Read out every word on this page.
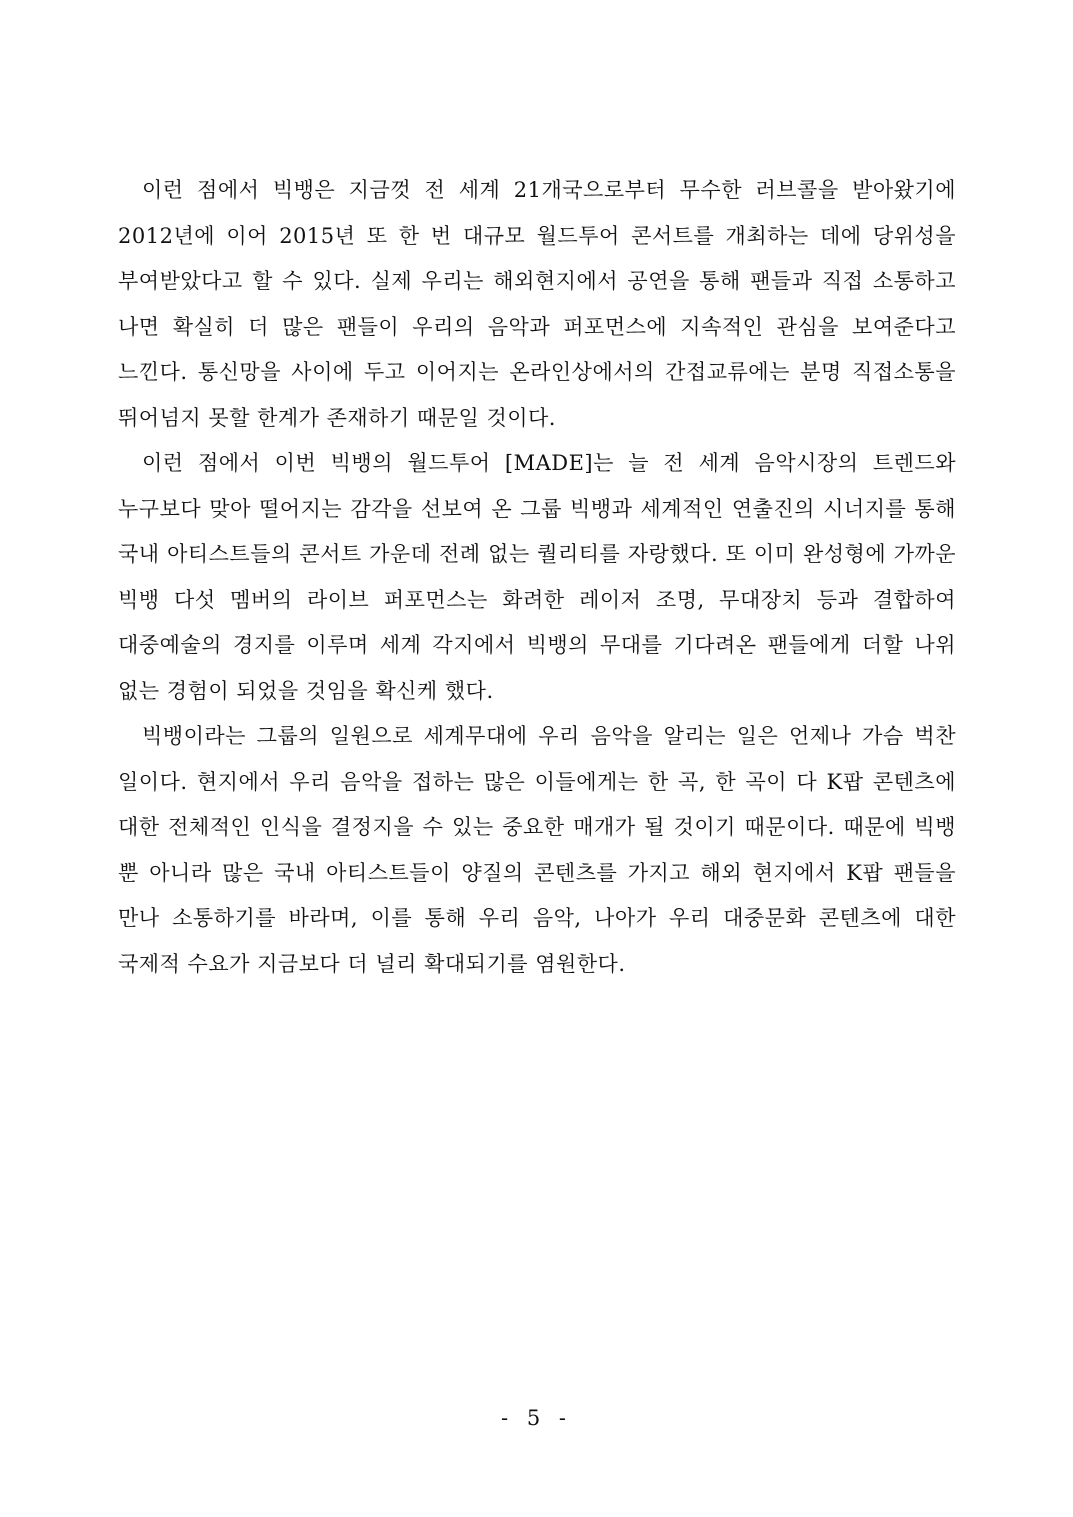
이런 점에서 빅뱅은 지금껏 전 세계 21개국으로부터 무수한 러브콜을 받아왔기에 2012년에 이어 2015년 또 한 번 대규모 월드투어 콘서트를 개최하는 데에 당위성을 부여받았다고 할 수 있다. 실제 우리는 해외현지에서 공연을 통해 팬들과 직접 소통하고 나면 확실히 더 많은 팬들이 우리의 음악과 퍼포먼스에 지속적인 관심을 보여준다고 느낀다. 통신망을 사이에 두고 이어지는 온라인상에서의 간접교류에는 분명 직접소통을 뛰어넘지 못할 한계가 존재하기 때문일 것이다.

이런 점에서 이번 빅뱅의 월드투어 [MADE]는 늘 전 세계 음악시장의 트렌드와 누구보다 맞아 떨어지는 감각을 선보여 온 그룹 빅뱅과 세계적인 연출진의 시너지를 통해 국내 아티스트들의 콘서트 가운데 전례 없는 퀄리티를 자랑했다. 또 이미 완성형에 가까운 빅뱅 다섯 멤버의 라이브 퍼포먼스는 화려한 레이저 조명, 무대장치 등과 결합하여 대중예술의 경지를 이루며 세계 각지에서 빅뱅의 무대를 기다려온 팬들에게 더할 나위 없는 경험이 되었을 것임을 확신케 했다.

빅뱅이라는 그룹의 일원으로 세계무대에 우리 음악을 알리는 일은 언제나 가슴 벅찬 일이다. 현지에서 우리 음악을 접하는 많은 이들에게는 한 곡, 한 곡이 다 K팝 콘텐츠에 대한 전체적인 인식을 결정지을 수 있는 중요한 매개가 될 것이기 때문이다. 때문에 빅뱅 뿐 아니라 많은 국내 아티스트들이 양질의 콘텐츠를 가지고 해외 현지에서 K팝 팬들을 만나 소통하기를 바라며, 이를 통해 우리 음악, 나아가 우리 대중문화 콘텐츠에 대한 국제적 수요가 지금보다 더 널리 확대되기를 염원한다.

- 5 -
